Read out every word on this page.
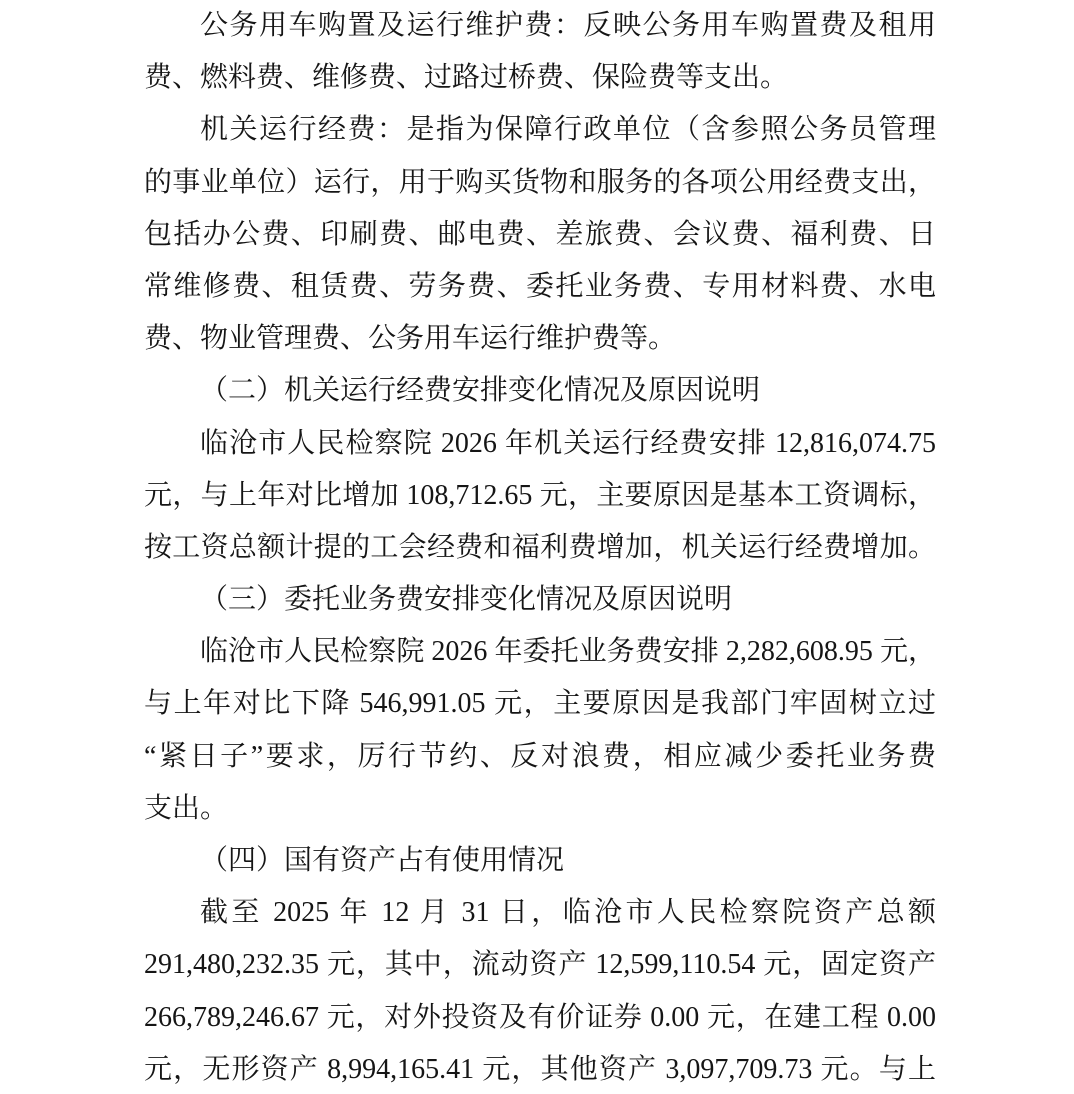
公务用车购置及运行维护费：反映公务用车购置费及租用
费、燃料费、维修费、过路过桥费、保险费等支出。
机关运行经费：是指为保障行政单位（含参照公务员管理
的事业单位）运行，用于购买货物和服务的各项公用经费支出，
包括办公费、印刷费、邮电费、差旅费、会议费、福利费、日
常维修费、租赁费、劳务费、委托业务费、专用材料费、水电
费、物业管理费、公务用车运行维护费等。
（二）机关运行经费安排变化情况及原因说明
临沧市人民检察院 2026 年机关运行经费安排 12,816,074.75
元，与上年对比增加 108,712.65 元，主要原因是基本工资调标，
按工资总额计提的工会经费和福利费增加，机关运行经费增加。
（三）委托业务费安排变化情况及原因说明
临沧市人民检察院 2026 年委托业务费安排 2,282,608.95 元，
与上年对比下降 546,991.05 元，主要原因是我部门牢固树立过
“紧日子”要求，厉行节约、反对浪费，相应减少委托业务费
支出。
（四）国有资产占有使用情况
截至 2025 年 12 月 31 日，临沧市人民检察院资产总额
291,480,232.35 元，其中，流动资产 12,599,110.54 元，固定资产
266,789,246.67 元，对外投资及有价证券 0.00 元，在建工程 0.00
元，无形资产 8,994,165.41 元，其他资产 3,097,709.73 元。与上
